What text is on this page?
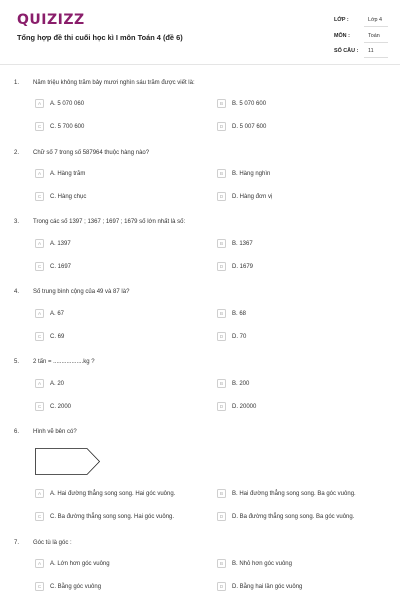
QUIZIZZ
Tổng hợp đề thi cuối học kì I môn Toán 4 (đề 6)
LỚP :	Lớp 4
MÔN :	Toán
SỐ CÂU : 11
1. Năm triệu không trăm bảy mươi nghìn sáu trăm được viết là:
A	A. 5 070 060	B	B. 5 070 600
C	C. 5 700 600	D	D. 5 007 600
2. Chữ số 7 trong số 587964 thuộc hàng nào?
A	A. Hàng trăm	B	B. Hàng nghìn
C	C. Hàng chục	D	D. Hàng đơn vị
3. Trong các số 1397 ; 1367 ; 1697 ; 1679 số lớn nhất là số:
A	A. 1397	B	B. 1367
C	C. 1697	D	D. 1679
4. Số trung bình cộng của 49 và 87 là?
A	A. 67	B	B. 68
C	C. 69	D	D. 70
5. 2 tấn = ..................kg ?
A	A. 20	B	B. 200
C	C. 2000	D	D. 20000
6. Hình vẽ bên có?
A	A. Hai đường thẳng song song. Hai góc vuông.	B	B. Hai đường thẳng song song. Ba góc vuông.
C	C. Ba đường thẳng song song. Hai góc vuông.	D	D. Ba đường thẳng song song. Ba góc vuông.
7. Góc tù là góc :
A	A. Lớn hơn góc vuông	B	B. Nhỏ hơn góc vuông
C	C. Bằng góc vuông	D	D. Bằng hai lần góc vuông
